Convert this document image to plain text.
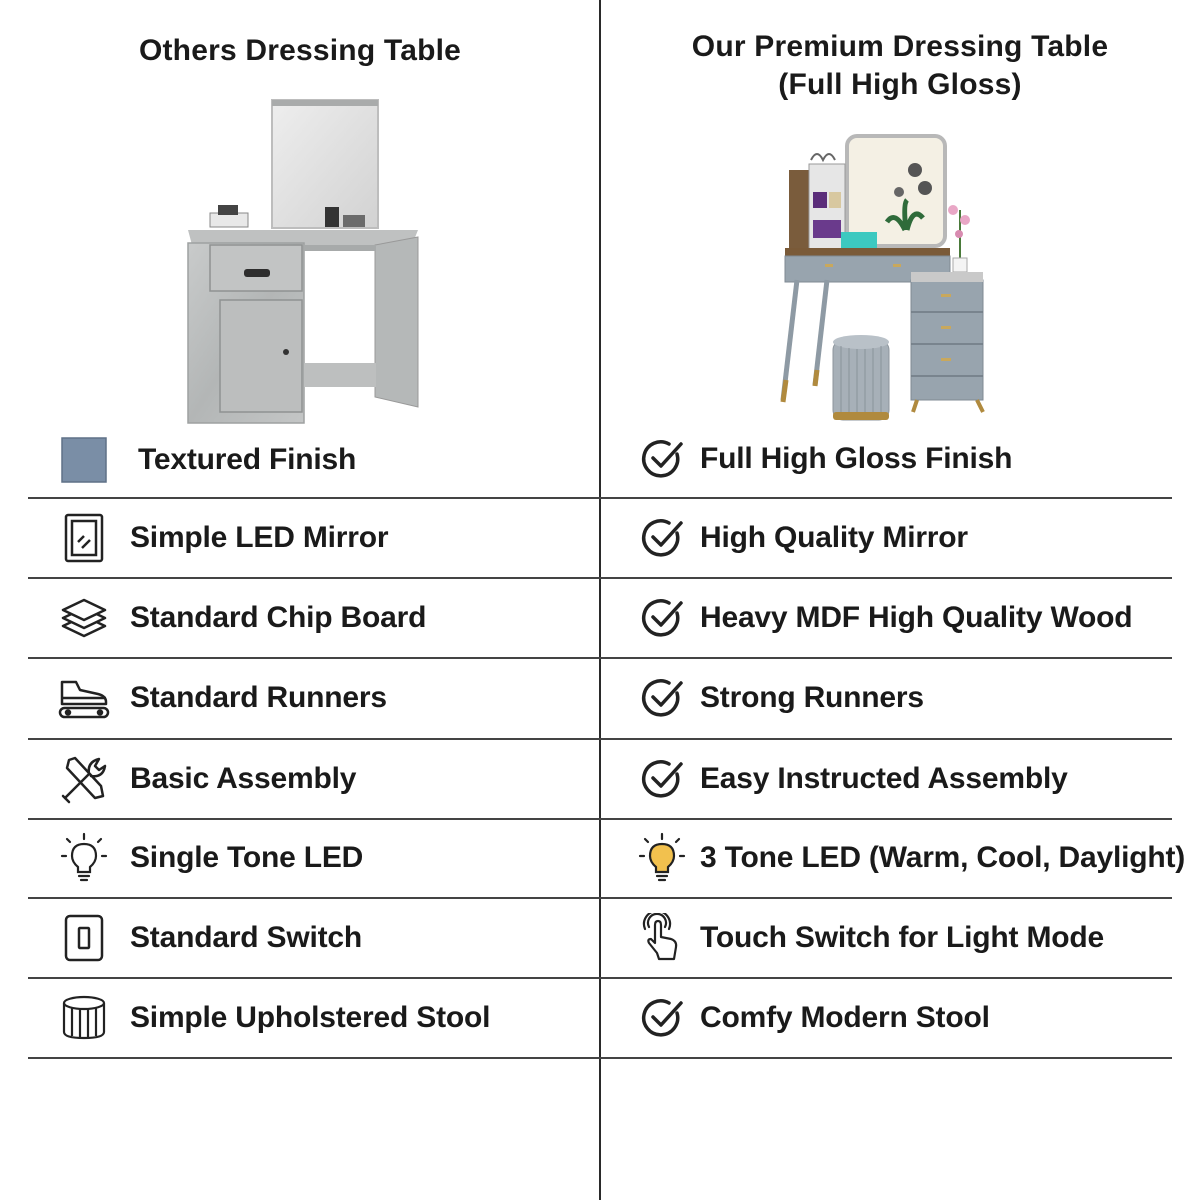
Others Dressing Table	Our Premium Dressing Table
(Full High Gloss)
Textured Finish
Simple LED Mirror
Standard Chip Board
Standard Runners
Basic Assembly
Single Tone LED
Standard Switch
Simple Upholstered Stool
Full High Gloss Finish
High Quality Mirror
Heavy MDF High Quality Wood
Strong Runners
Easy Instructed Assembly
3 Tone LED (Warm, Cool, Daylight)
Touch Switch for Light Mode
Comfy Modern Stool
